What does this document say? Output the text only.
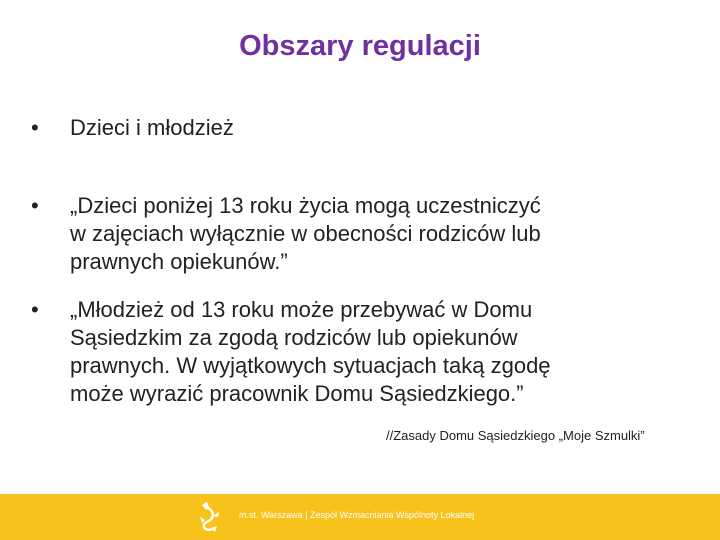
Obszary regulacji
• Dzieci i młodzież
• „Dzieci poniżej 13 roku życia mogą uczestniczyć
w zajęciach wyłącznie w obecności rodziców lub
prawnych opiekunów.”
• „Młodzież od 13 roku może przebywać w Domu
Sąsiedzkim za zgodą rodziców lub opiekunów
prawnych. W wyjątkowych sytuacjach taką zgodę
może wyrazić pracownik Domu Sąsiedzkiego.”
//Zasady Domu Sąsiedzkiego „Moje Szmulki”
m.st. Warszawa | Zespół Wzmacniania Wspólnoty Lokalnej
